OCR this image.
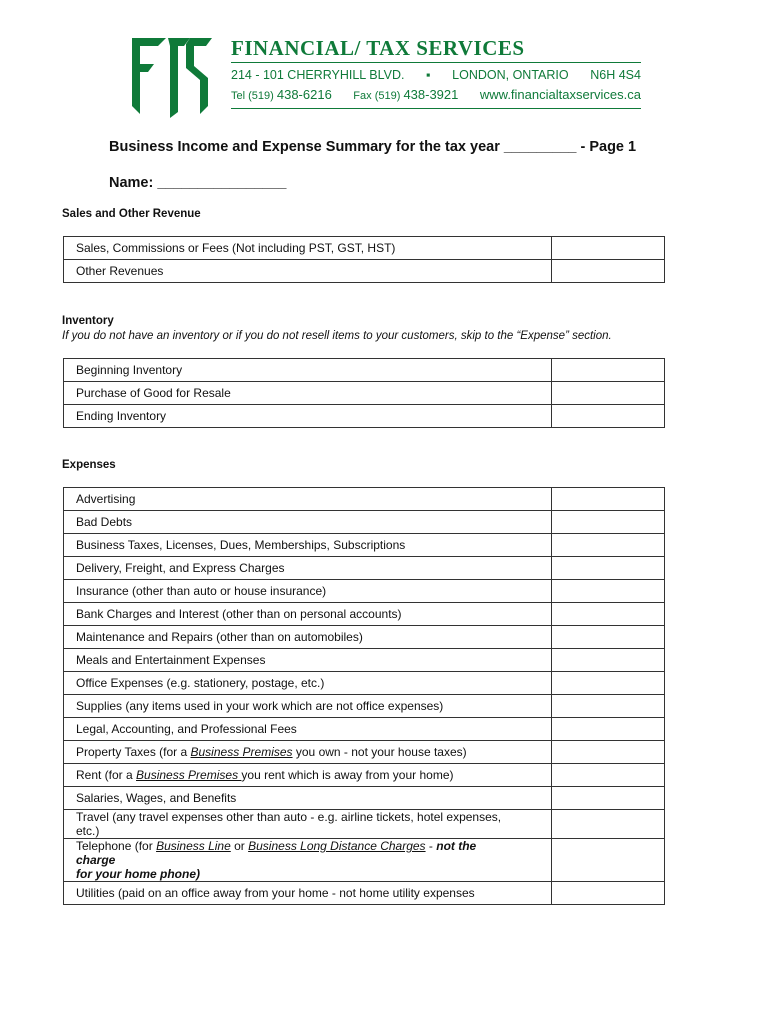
FINANCIAL/ TAX SERVICES
214 - 101 CHERRYHILL BLVD. ▪ LONDON, ONTARIO N6H 4S4
Tel (519) 438-6216 Fax (519) 438-3921 www.financialtaxservices.ca
Business Income and Expense Summary for the tax year _________ - Page 1
Name: ________________
Sales and Other Revenue
Sales, Commissions or Fees (Not including PST, GST, HST)	
Other Revenues	
Inventory
If you do not have an inventory or if you do not resell items to your customers, skip to the “Expense” section.
Beginning Inventory	
Purchase of Good for Resale	
Ending Inventory	
Expenses
Advertising	
Bad Debts	
Business Taxes, Licenses, Dues, Memberships, Subscriptions	
Delivery, Freight, and Express Charges	
Insurance (other than auto or house insurance)	
Bank Charges and Interest (other than on personal accounts)	
Maintenance and Repairs (other than on automobiles)	
Meals and Entertainment Expenses	
Office Expenses (e.g. stationery, postage, etc.)	
Supplies (any items used in your work which are not office expenses)	
Legal, Accounting, and Professional Fees	
Property Taxes (for a Business Premises you own - not your house taxes)	
Rent (for a Business Premises you rent which is away from your home)	
Salaries, Wages, and Benefits	
Travel (any travel expenses other than auto - e.g. airline tickets, hotel expenses, etc.)	
Telephone (for Business Line or Business Long Distance Charges - not the charge
for your home phone)	
Utilities (paid on an office away from your home - not home utility expenses	
